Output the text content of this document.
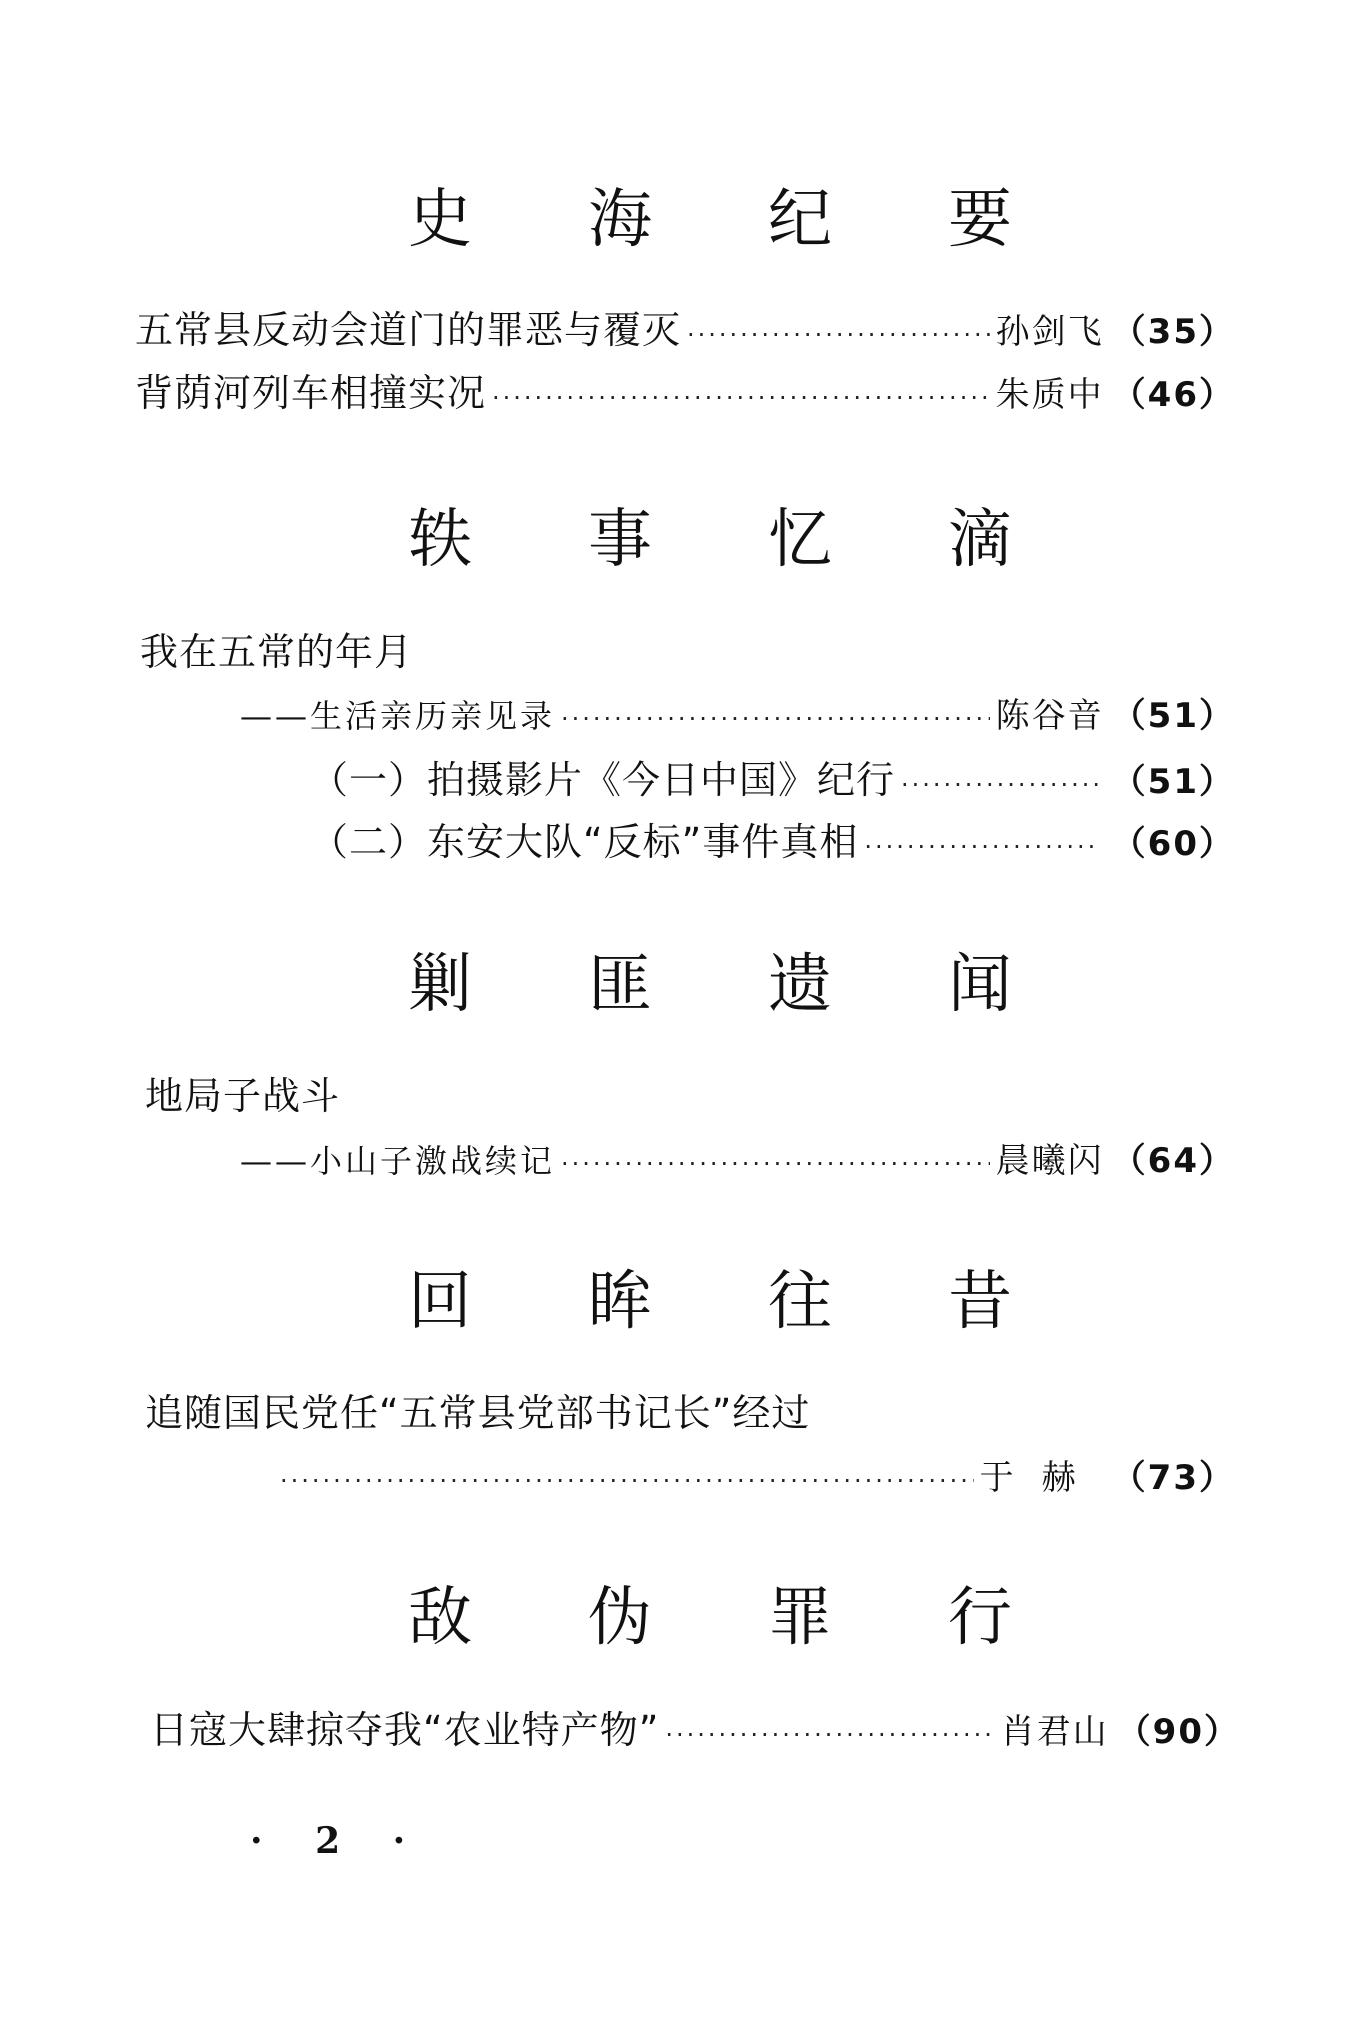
史 海 纪 要
五常县反动会道门的罪恶与覆灭 ·····	孙剑飞 （35）
背荫河列车相撞实况 ·····	朱质中 （46）
轶 事 忆 滴
我在五常的年月
——生活亲历亲见录 ·····	陈谷音 （51）
（一）拍摄影片《今日中国》纪行 ·····	（51）
（二）东安大队“反标”事件真相 ·····	（60）
剿 匪 遗 闻
地局子战斗
——小山子激战续记 ·····	晨曦闪 （64）
回 眸 往 昔
追随国民党任“五常县党部书记长”经过
·····
于赫 （73）
敌 伪 罪 行
日寇大肆掠夺我“农业特产物” ·····	肖君山 （90）
· 2 ·
